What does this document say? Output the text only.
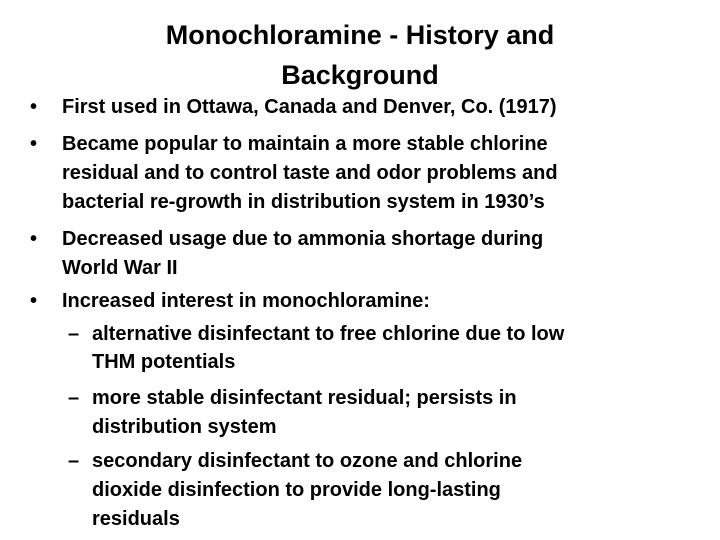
Monochloramine - History and
Background
• First used in Ottawa, Canada and Denver, Co. (1917)
• Became popular to maintain a more stable chlorine
residual and to control taste and odor problems and
bacterial re-growth in distribution system in 1930’s
• Decreased usage due to ammonia shortage during
World War II
• Increased interest in monochloramine:
– alternative disinfectant to free chlorine due to low
THM potentials
– more stable disinfectant residual; persists in
distribution system
– secondary disinfectant to ozone and chlorine
dioxide disinfection to provide long-lasting
residuals
